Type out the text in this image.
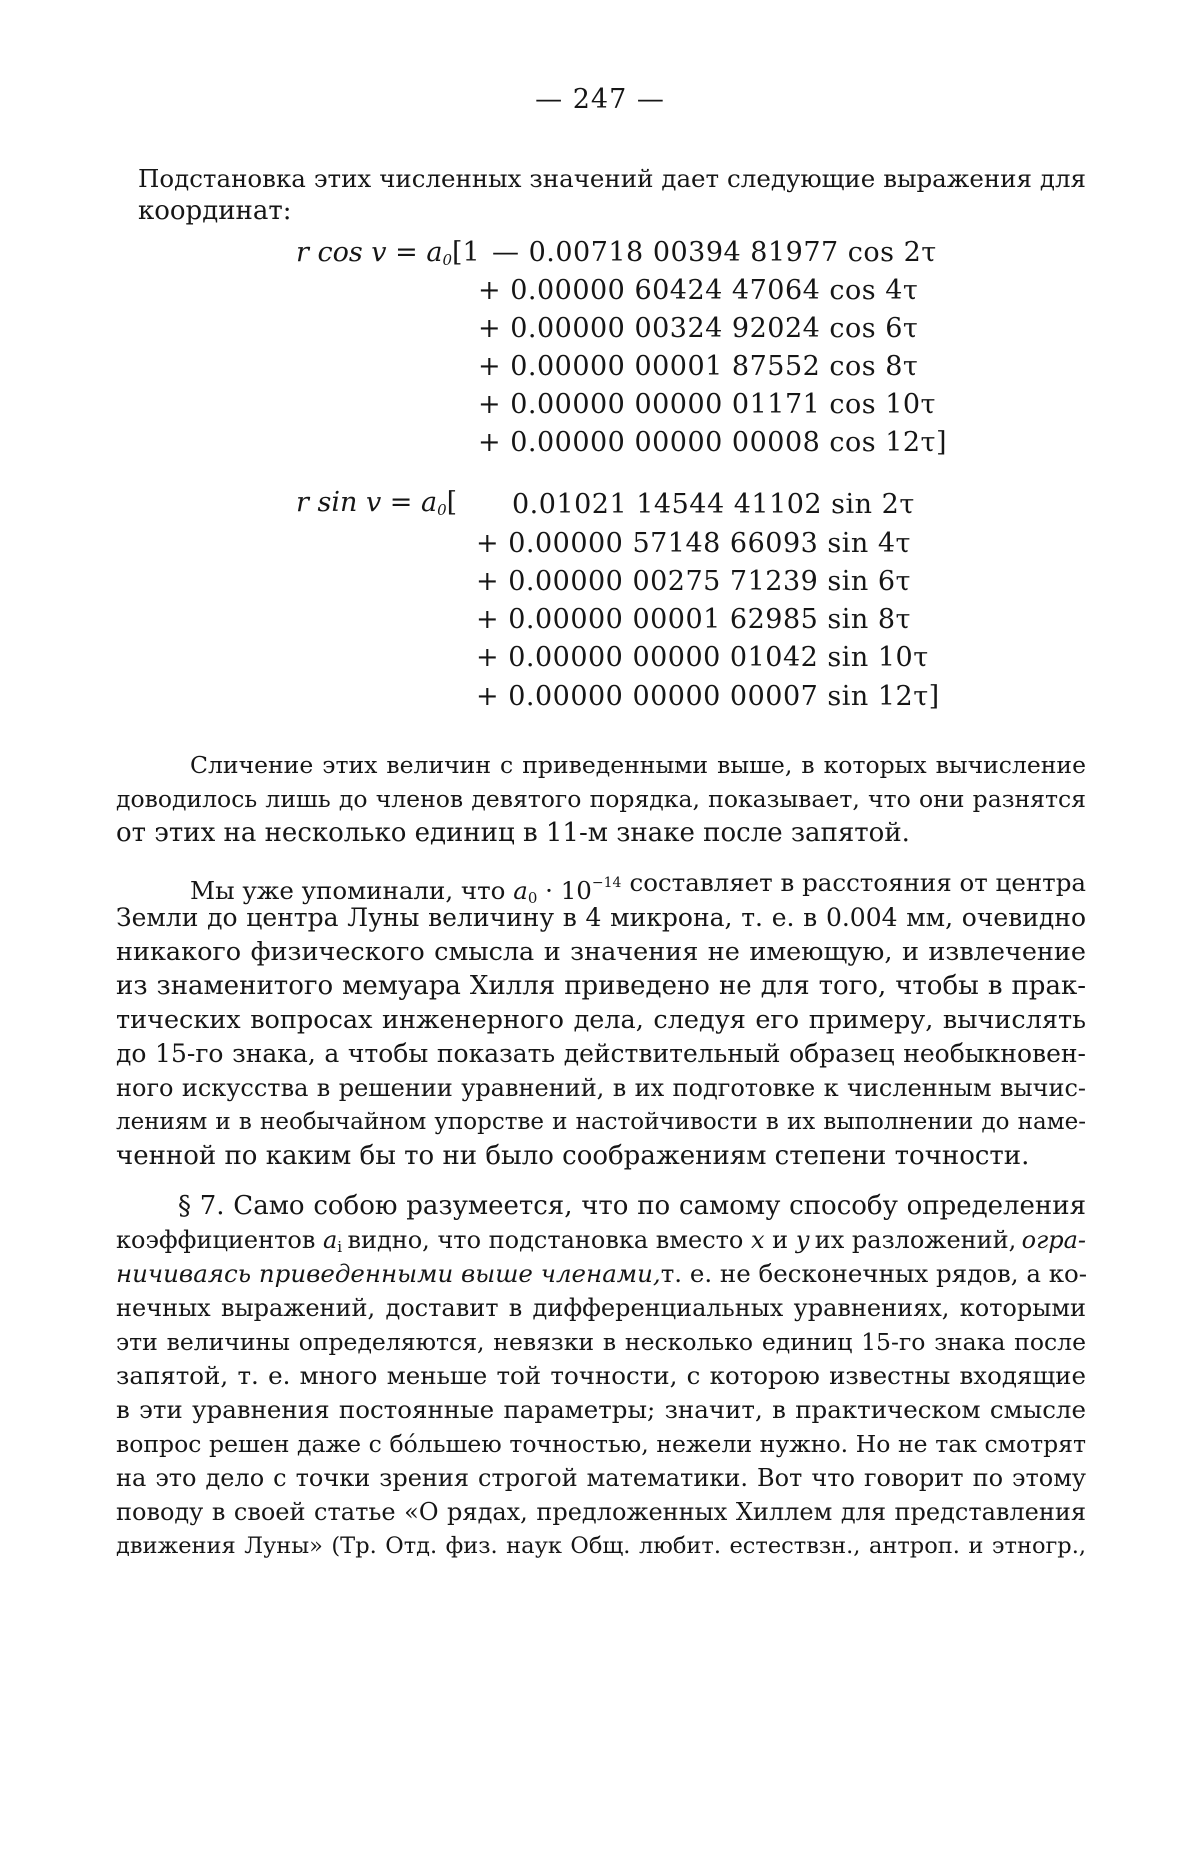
— 247 —
Подстановка этих численных значений дает следующие выражения для
координат:
r cos v = a0[1 — 0.00718 00394 81977 cos 2τ
+ 0.00000 60424 47064 cos 4τ
+ 0.00000 00324 92024 cos 6τ
+ 0.00000 00001 87552 cos 8τ
+ 0.00000 00000 01171 cos 10τ
+ 0.00000 00000 00008 cos 12τ]
r sin v = a0[ 0.01021 14544 41102 sin 2τ
+ 0.00000 57148 66093 sin 4τ
+ 0.00000 00275 71239 sin 6τ
+ 0.00000 00001 62985 sin 8τ
+ 0.00000 00000 01042 sin 10τ
+ 0.00000 00000 00007 sin 12τ]
Сличение этих величин с приведенными выше, в которых вычисление
доводилось лишь до членов девятого порядка, показывает, что они разнятся
от этих на несколько единиц в 11-м знаке после запятой.
Мы уже упоминали, что a0 · 10−14 составляет в расстояния от центра
Земли до центра Луны величину в 4 микрона, т. е. в 0.004 мм, очевидно
никакого физического смысла и значения не имеющую, и извлечение
из знаменитого мемуара Хилля приведено не для того, чтобы в прак-
тических вопросах инженерного дела, следуя его примеру, вычислять
до 15-го знака, а чтобы показать действительный образец необыкновен-
ного искусства в решении уравнений, в их подготовке к численным вычис-
лениям и в необычайном упорстве и настойчивости в их выполнении до наме-
ченной по каким бы то ни было соображениям степени точности.
§ 7. Само собою разумеется, что по самому способу определения
коэффициентов ai видно, что подстановка вместо x и y их разложений, огра-
ничиваясь приведенными выше членами, т. е. не бесконечных рядов, а ко-
нечных выражений, доставит в дифференциальных уравнениях, которыми
эти величины определяются, невязки в несколько единиц 15-го знака после
запятой, т. е. много меньше той точности, с которою известны входящие
в эти уравнения постоянные параметры; значит, в практическом смысле
вопрос решен даже с бо́льшею точностью, нежели нужно. Но не так смотрят
на это дело с точки зрения строгой математики. Вот что говорит по этому
поводу в своей статье «О рядах, предложенных Хиллем для представления
движения Луны» (Тр. Отд. физ. наук Общ. любит. естествзн., антроп. и этногр.,
